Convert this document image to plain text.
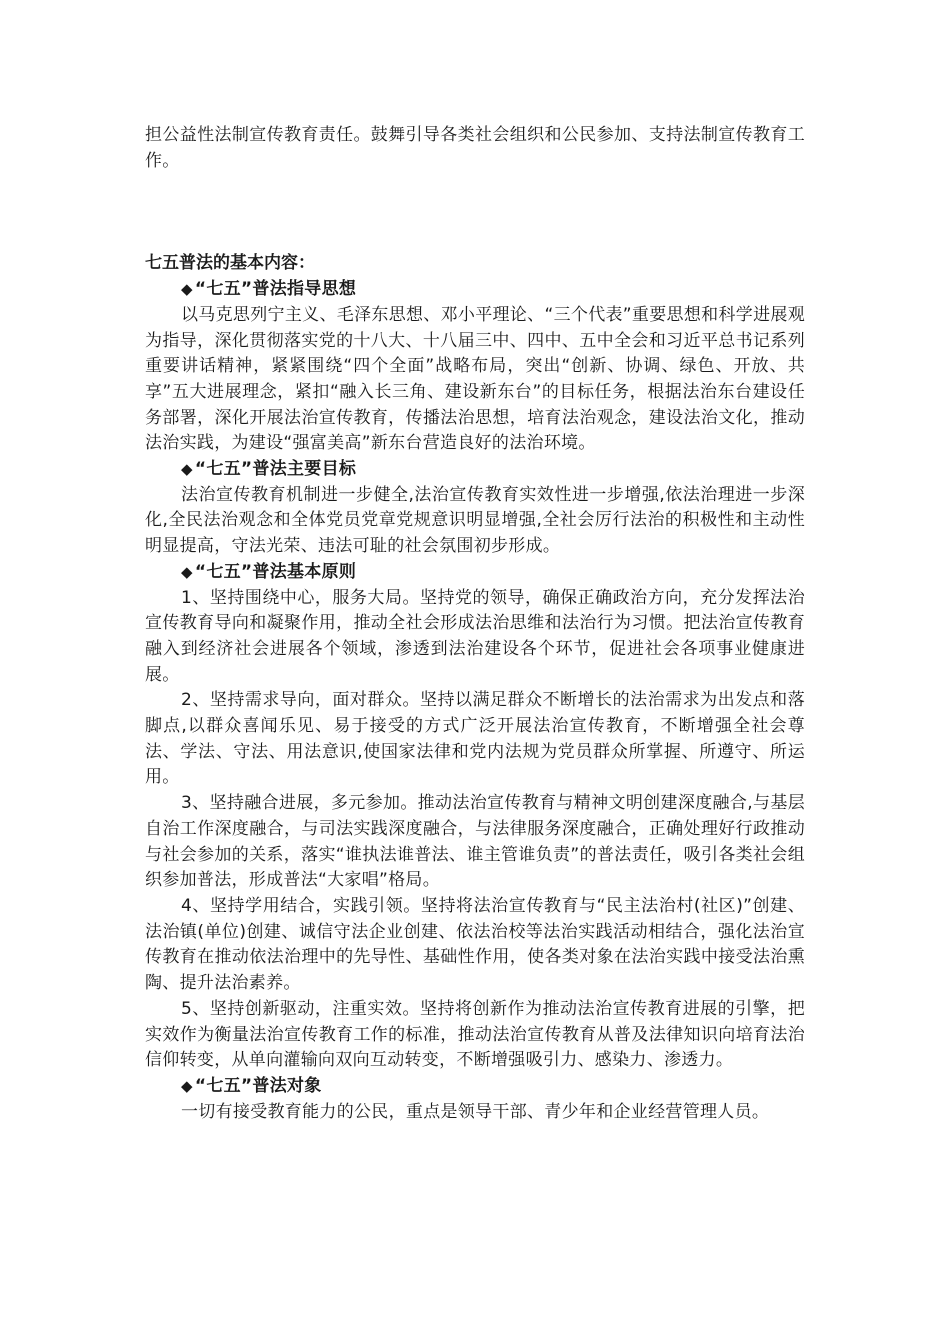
担公益性法制宣传教育责任。鼓舞引导各类社会组织和公民参加、支持法制宣传教育工作。

七五普法的基本内容：

◆ “七五”普法指导思想

以马克思列宁主义、毛泽东思想、邓小平理论、“三个代表”重要思想和科学进展观为指导，深化贯彻落实党的十八大、十八届三中、四中、五中全会和习近平总书记系列重要讲话精神，紧紧围绕“四个全面”战略布局，突出“创新、协调、绿色、开放、共享”五大进展理念，紧扣“融入长三角、建设新东台”的目标任务，根据法治东台建设任务部署，深化开展法治宣传教育，传播法治思想，培育法治观念，建设法治文化，推动法治实践，为建设“强富美高”新东台营造良好的法治环境。

◆ “七五”普法主要目标

法治宣传教育机制进一步健全,法治宣传教育实效性进一步增强,依法治理进一步深化,全民法治观念和全体党员党章党规意识明显增强,全社会厉行法治的积极性和主动性明显提高，守法光荣、违法可耻的社会氛围初步形成。

◆ “七五”普法基本原则

1、坚持围绕中心，服务大局。坚持党的领导，确保正确政治方向，充分发挥法治宣传教育导向和凝聚作用，推动全社会形成法治思维和法治行为习惯。把法治宣传教育融入到经济社会进展各个领域，渗透到法治建设各个环节，促进社会各项事业健康进展。

2、坚持需求导向，面对群众。坚持以满足群众不断增长的法治需求为出发点和落脚点,以群众喜闻乐见、易于接受的方式广泛开展法治宣传教育，不断增强全社会尊法、学法、守法、用法意识,使国家法律和党内法规为党员群众所掌握、所遵守、所运用。

3、坚持融合进展，多元参加。推动法治宣传教育与精神文明创建深度融合,与基层自治工作深度融合，与司法实践深度融合，与法律服务深度融合，正确处理好行政推动与社会参加的关系，落实“谁执法谁普法、谁主管谁负责”的普法责任，吸引各类社会组织参加普法，形成普法“大家唱”格局。

4、坚持学用结合，实践引领。坚持将法治宣传教育与“民主法治村(社区)”创建、法治镇(单位)创建、诚信守法企业创建、依法治校等法治实践活动相结合，强化法治宣传教育在推动依法治理中的先导性、基础性作用，使各类对象在法治实践中接受法治熏陶、提升法治素养。

5、坚持创新驱动，注重实效。坚持将创新作为推动法治宣传教育进展的引擎，把实效作为衡量法治宣传教育工作的标准，推动法治宣传教育从普及法律知识向培育法治信仰转变，从单向灌输向双向互动转变，不断增强吸引力、感染力、渗透力。

◆ “七五”普法对象

一切有接受教育能力的公民，重点是领导干部、青少年和企业经营管理人员。
